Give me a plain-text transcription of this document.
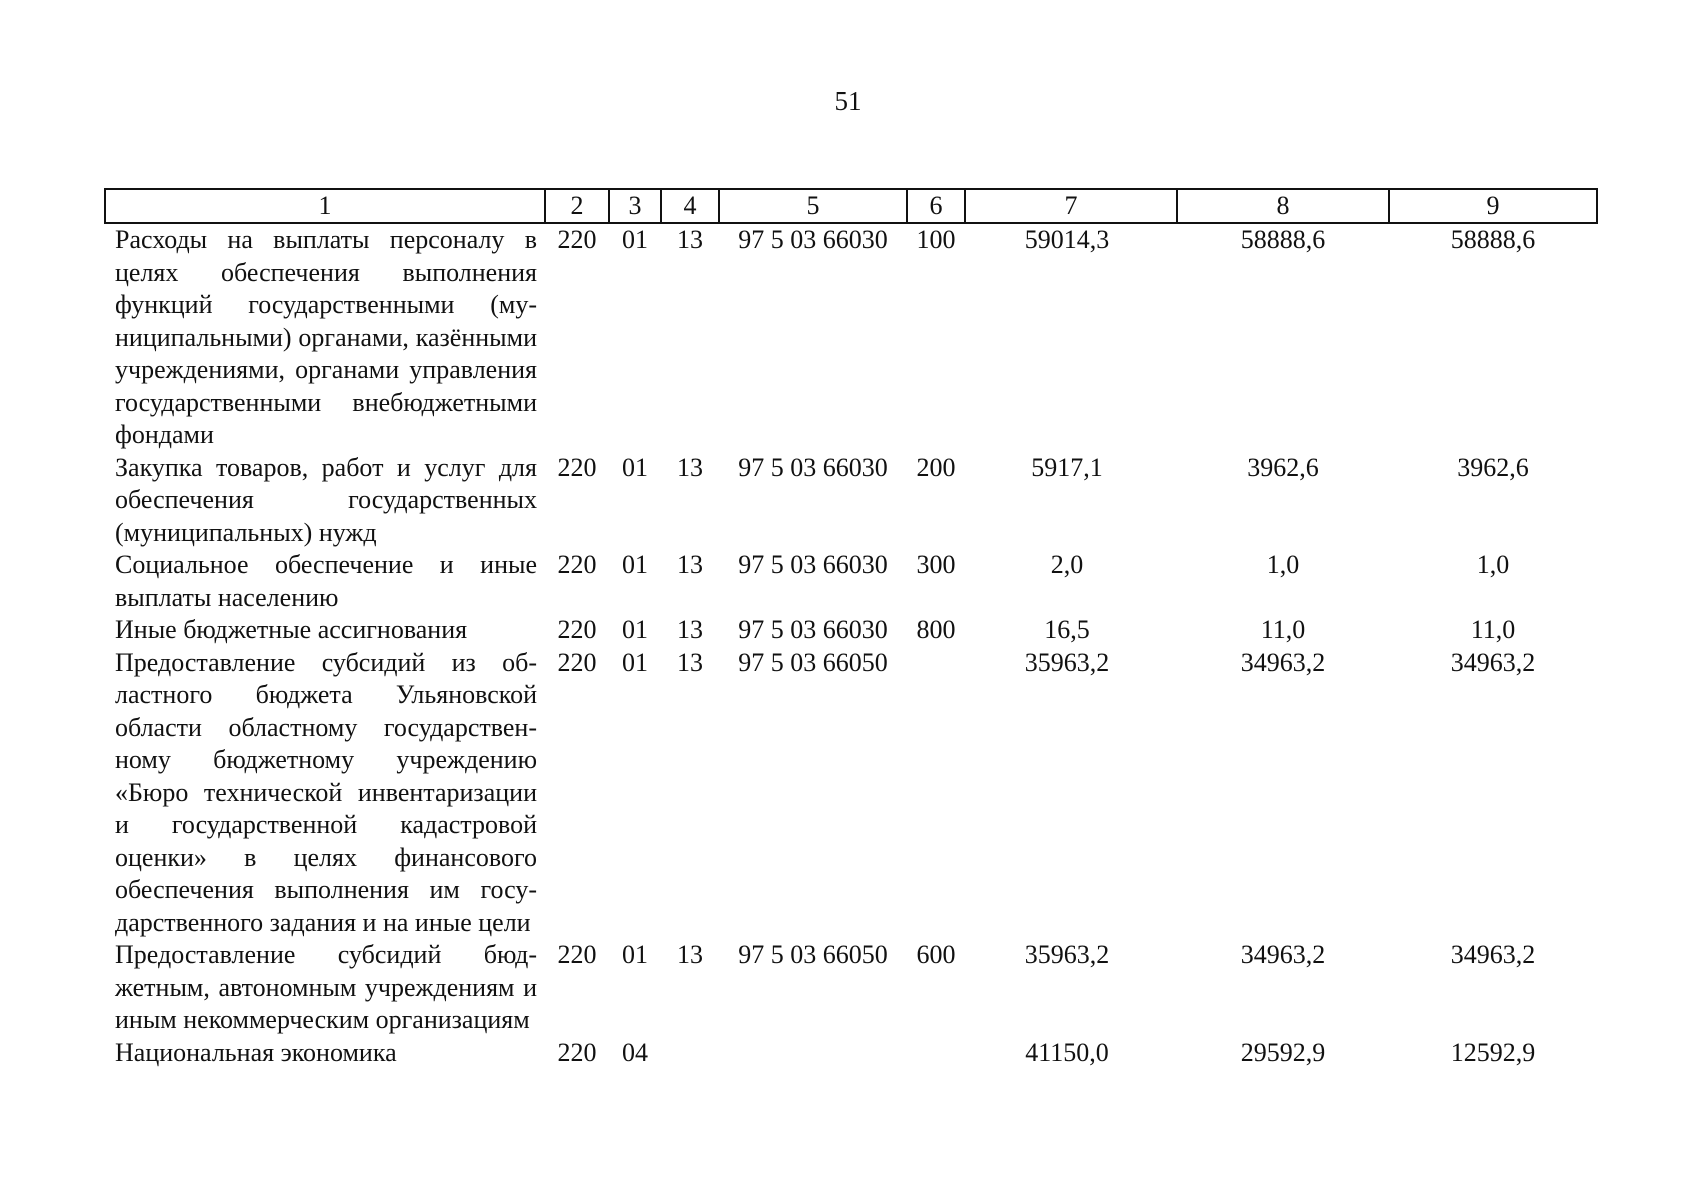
51
1	2	3	4	5	6	7	8	9
Расходы на выплаты персоналу в целях обеспечения выполнения функций государственными (муниципальными) органами, казёнными учреждениями, органами управления государственными внебюджетными фондами	220	01	13	97 5 03 66030	100	59014,3	58888,6	58888,6
Закупка товаров, работ и услуг для обеспечения государственных (муниципальных) нужд	220	01	13	97 5 03 66030	200	5917,1	3962,6	3962,6
Социальное обеспечение и иные выплаты населению	220	01	13	97 5 03 66030	300	2,0	1,0	1,0
Иные бюджетные ассигнования	220	01	13	97 5 03 66030	800	16,5	11,0	11,0
Предоставление субсидий из областного бюджета Ульяновской области областному государственному бюджетному учреждению «Бюро технической инвентаризации и государственной кадастровой оценки» в целях финансового обеспечения выполнения им государственного задания и на иные цели	220	01	13	97 5 03 66050		35963,2	34963,2	34963,2
Предоставление субсидий бюджетным, автономным учреждениям и иным некоммерческим организациям	220	01	13	97 5 03 66050	600	35963,2	34963,2	34963,2
Национальная экономика	220	04				41150,0	29592,9	12592,9
